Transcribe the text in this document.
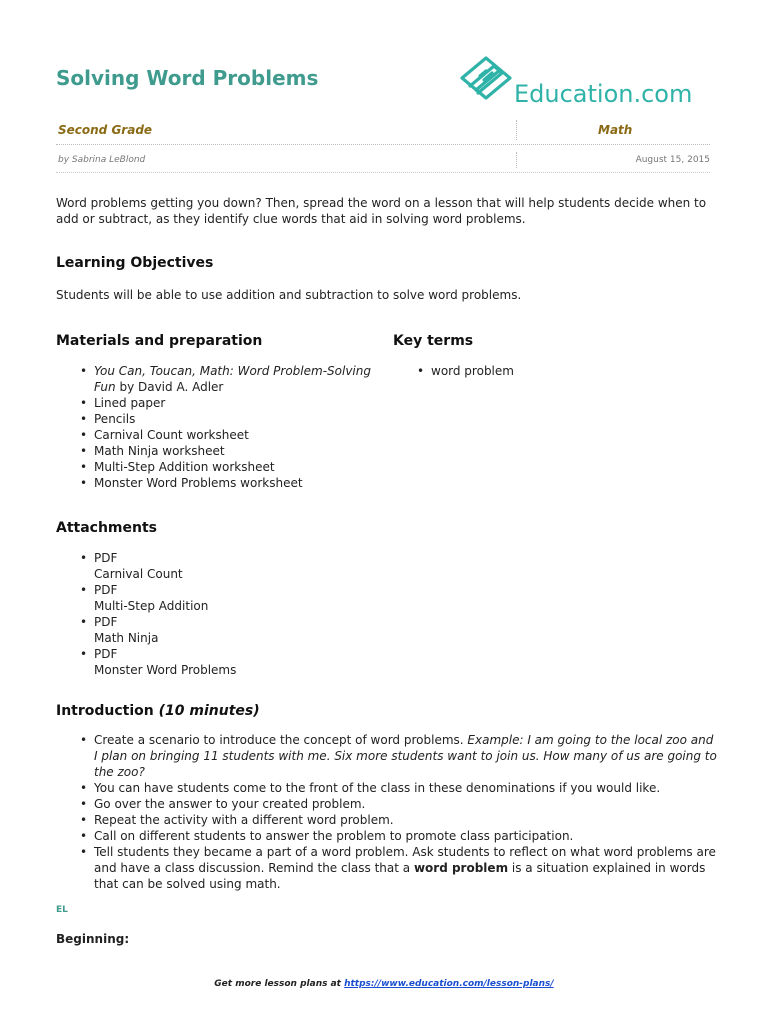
Solving Word Problems
Education.com
Second Grade	Math
by Sabrina LeBlond	August 15, 2015

Word problems getting you down? Then, spread the word on a lesson that will help students decide when to add or subtract, as they identify clue words that aid in solving word problems.

Learning Objectives

Students will be able to use addition and subtraction to solve word problems.

Materials and preparation
• You Can, Toucan, Math: Word Problem-Solving Fun by David A. Adler
• Lined paper
• Pencils
• Carnival Count worksheet
• Math Ninja worksheet
• Multi-Step Addition worksheet
• Monster Word Problems worksheet
Key terms
• word problem
Attachments
• PDF
Carnival Count
• PDF
Multi-Step Addition
• PDF
Math Ninja
• PDF
Monster Word Problems
Introduction (10 minutes)
• Create a scenario to introduce the concept of word problems. Example: I am going to the local zoo and I plan on bringing 11 students with me. Six more students want to join us. How many of us are going to the zoo?
• You can have students come to the front of the class in these denominations if you would like.
• Go over the answer to your created problem.
• Repeat the activity with a different word problem.
• Call on different students to answer the problem to promote class participation.
• Tell students they became a part of a word problem. Ask students to reflect on what word problems are and have a class discussion. Remind the class that a word problem is a situation explained in words that can be solved using math.
EL
Beginning:
Get more lesson plans at https://www.education.com/lesson-plans/
